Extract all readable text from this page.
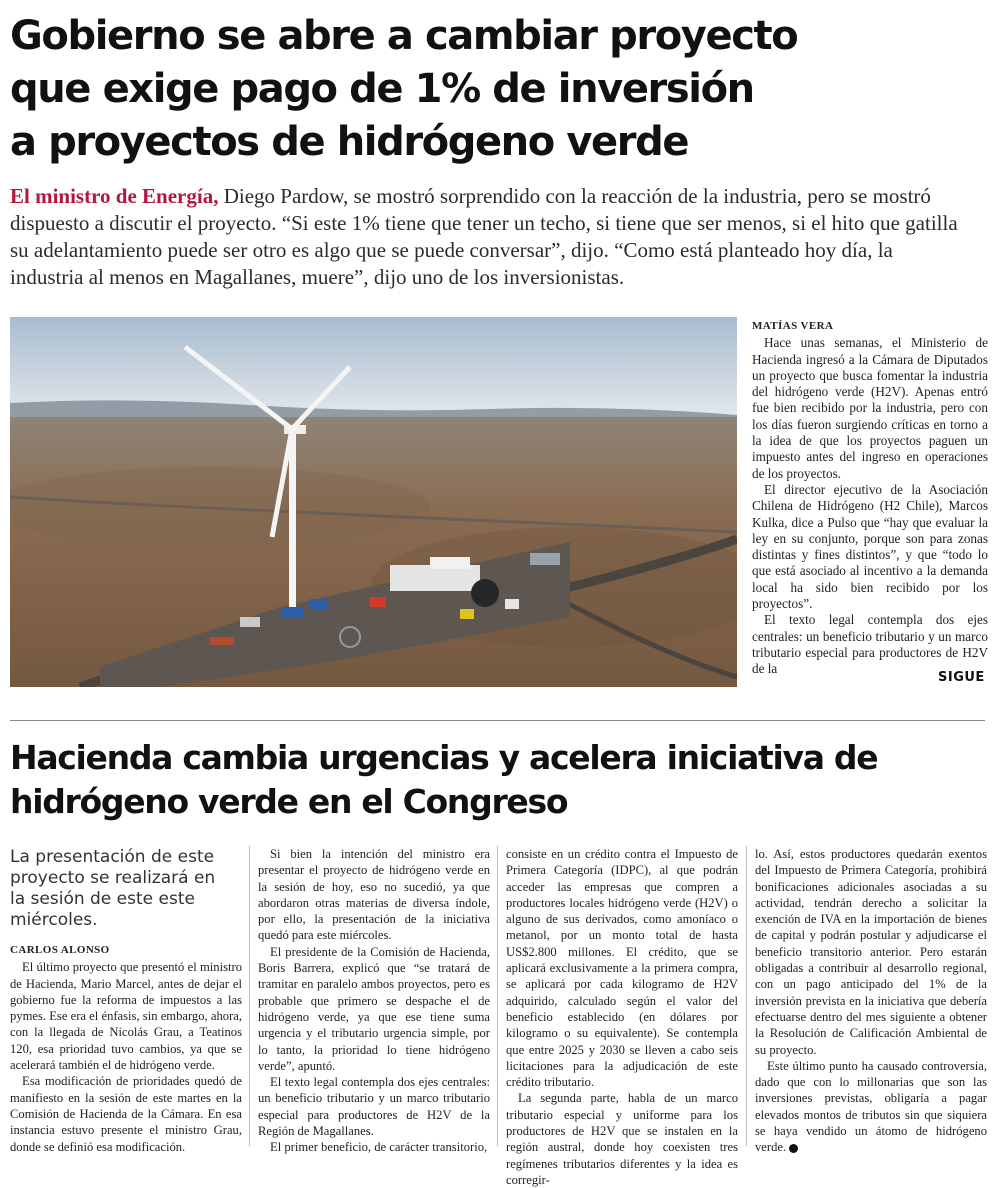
Gobierno se abre a cambiar proyecto
que exige pago de 1% de inversión
a proyectos de hidrógeno verde
El ministro de Energía, Diego Pardow, se mostró sorprendido con la reacción de la industria, pero se mostró
dispuesto a discutir el proyecto. “Si este 1% tiene que tener un techo, si tiene que ser menos, si el hito que gatilla
su adelantamiento puede ser otro es algo que se puede conversar”, dijo. “Como está planteado hoy día, la
industria al menos en Magallanes, muere”, dijo uno de los inversionistas.
MATÍAS VERA

Hace unas semanas, el Ministerio de Hacienda ingresó a la Cámara de Diputados un proyecto que busca fomentar la industria del hidrógeno verde (H2V). Apenas entró fue bien recibido por la industria, pero con los días fueron surgiendo críticas en torno a la idea de que los proyectos paguen un impuesto antes del ingreso en operaciones de los proyectos.

El director ejecutivo de la Asociación Chilena de Hidrógeno (H2 Chile), Marcos Kulka, dice a Pulso que “hay que evaluar la ley en su conjunto, porque son para zonas distintas y fines distintos”, y que “todo lo que está asociado al incentivo a la demanda local ha sido bien recibido por los proyectos”.

El texto legal contempla dos ejes centrales: un beneficio tributario y un marco tributario especial para productores de H2V de la

SIGUE
Hacienda cambia urgencias y acelera iniciativa de
hidrógeno verde en el Congreso
La presentación de este
proyecto se realizará en
la sesión de este este
miércoles.
CARLOS ALONSO

El último proyecto que presentó el ministro de Hacienda, Mario Marcel, antes de dejar el gobierno fue la reforma de impuestos a las pymes. Ese era el énfasis, sin embargo, ahora, con la llegada de Nicolás Grau, a Teatinos 120, esa prioridad tuvo cambios, ya que se acelerará también el de hidrógeno verde.

Esa modificación de prioridades quedó de manifiesto en la sesión de este martes en la Comisión de Hacienda de la Cámara. En esa instancia estuvo presente el ministro Grau, donde se definió esa modificación.

Si bien la intención del ministro era presentar el proyecto de hidrógeno verde en la sesión de hoy, eso no sucedió, ya que abordaron otras materias de diversa índole, por ello, la presentación de la iniciativa quedó para este miércoles.

El presidente de la Comisión de Hacienda, Boris Barrera, explicó que “se tratará de tramitar en paralelo ambos proyectos, pero es probable que primero se despache el de hidrógeno verde, ya que ese tiene suma urgencia y el tributario urgencia simple, por lo tanto, la prioridad lo tiene hidrógeno verde”, apuntó.

El texto legal contempla dos ejes centrales: un beneficio tributario y un marco tributario especial para productores de H2V de la Región de Magallanes.

El primer beneficio, de carácter transitorio,

consiste en un crédito contra el Impuesto de Primera Categoría (IDPC), al que podrán acceder las empresas que compren a productores locales hidrógeno verde (H2V) o alguno de sus derivados, como amoníaco o metanol, por un monto total de hasta US$2.800 millones. El crédito, que se aplicará exclusivamente a la primera compra, se aplicará por cada kilogramo de H2V adquirido, calculado según el valor del beneficio establecido (en dólares por kilogramo o su equivalente). Se contempla que entre 2025 y 2030 se lleven a cabo seis licitaciones para la adjudicación de este crédito tributario.

La segunda parte, habla de un marco tributario especial y uniforme para los productores de H2V que se instalen en la región austral, donde hoy coexisten tres regímenes tributarios diferentes y la idea es corregir-

lo. Así, estos productores quedarán exentos del Impuesto de Primera Categoría, prohibirá bonificaciones adicionales asociadas a su actividad, tendrán derecho a solicitar la exención de IVA en la importación de bienes de capital y podrán postular y adjudicarse el beneficio transitorio anterior. Pero estarán obligadas a contribuir al desarrollo regional, con un pago anticipado del 1% de la inversión prevista en la iniciativa que debería efectuarse dentro del mes siguiente a obtener la Resolución de Calificación Ambiental de su proyecto.

Este último punto ha causado controversia, dado que con lo millonarias que son las inversiones previstas, obligaría a pagar elevados montos de tributos sin que siquiera se haya vendido un átomo de hidrógeno verde.
